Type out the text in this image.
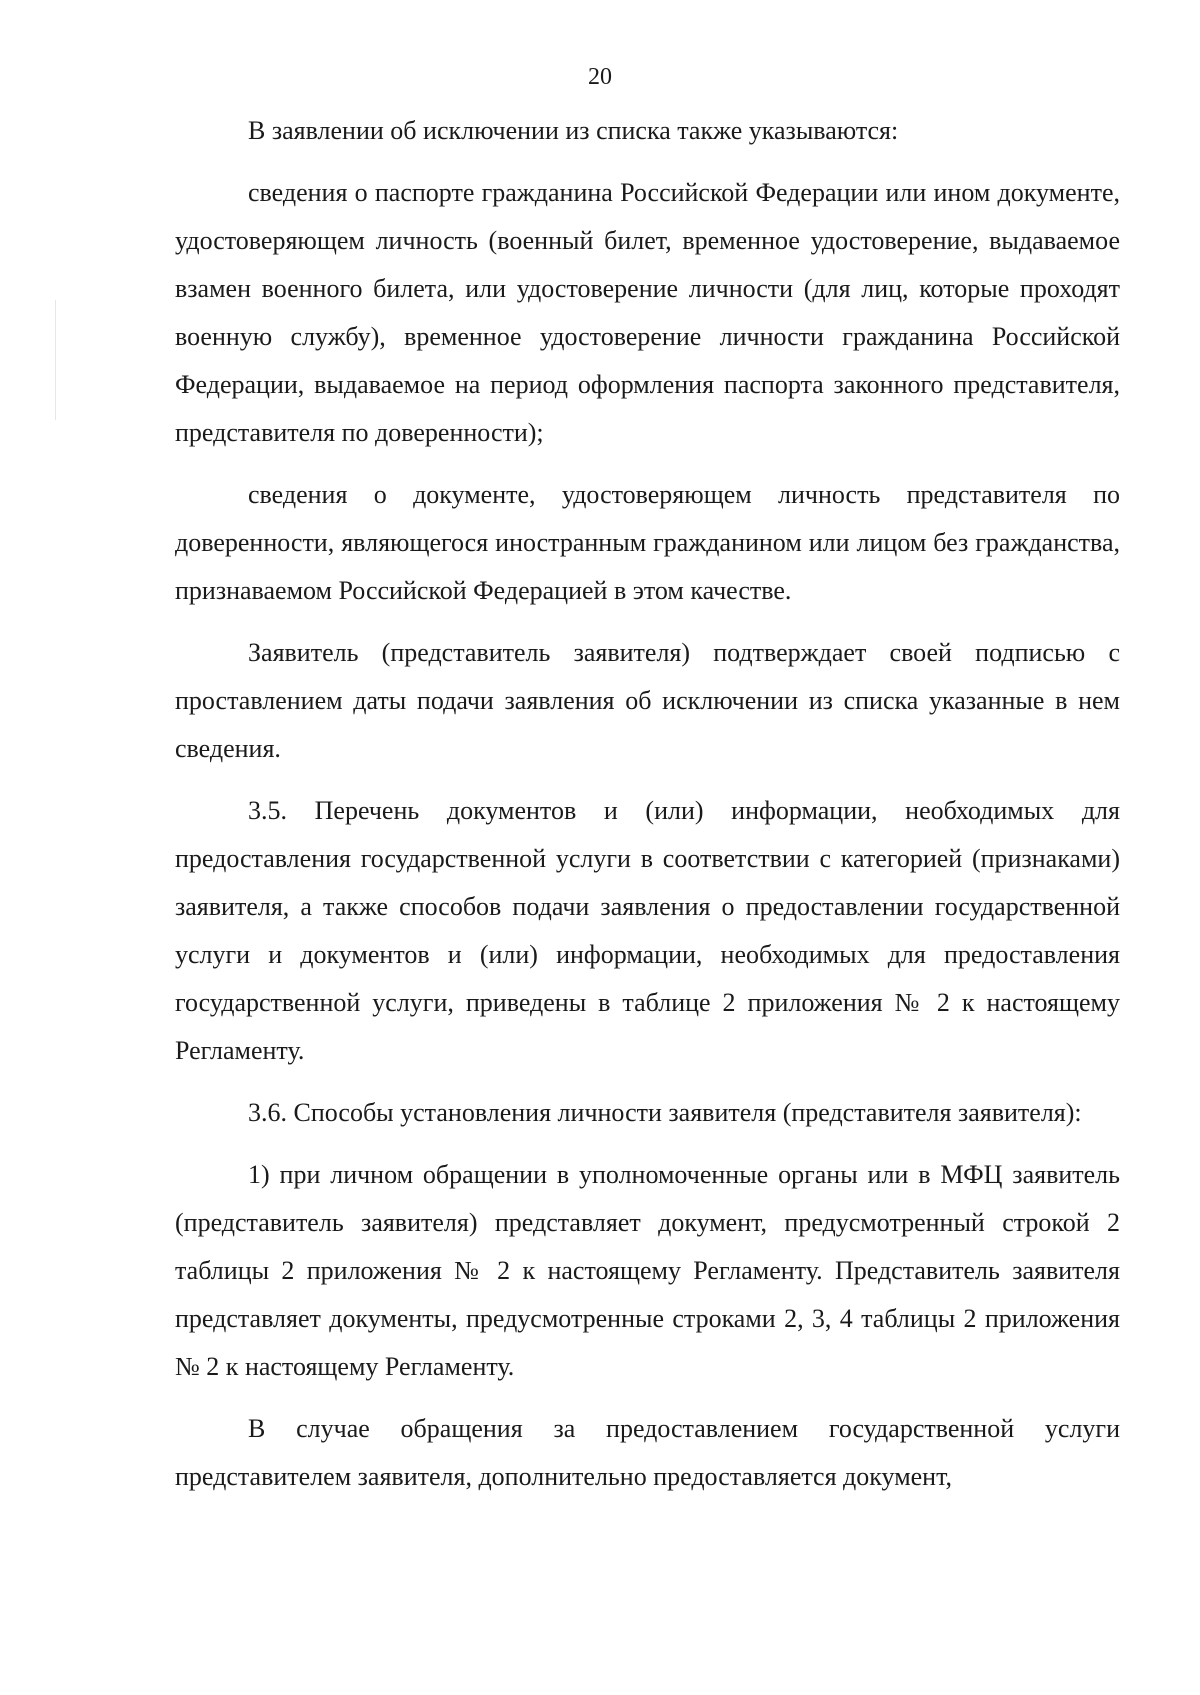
20

В заявлении об исключении из списка также указываются:

сведения о паспорте гражданина Российской Федерации или ином документе, удостоверяющем личность (военный билет, временное удостоверение, выдаваемое взамен военного билета, или удостоверение личности (для лиц, которые проходят военную службу), временное удостоверение личности гражданина Российской Федерации, выдаваемое на период оформления паспорта законного представителя, представителя по доверенности);

сведения о документе, удостоверяющем личность представителя по доверенности, являющегося иностранным гражданином или лицом без гражданства, признаваемом Российской Федерацией в этом качестве.

Заявитель (представитель заявителя) подтверждает своей подписью с проставлением даты подачи заявления об исключении из списка указанные в нем сведения.

3.5. Перечень документов и (или) информации, необходимых для предоставления государственной услуги в соответствии с категорией (признаками) заявителя, а также способов подачи заявления о предоставлении государственной услуги и документов и (или) информации, необходимых для предоставления государственной услуги, приведены в таблице 2 приложения № 2 к настоящему Регламенту.

3.6. Способы установления личности заявителя (представителя заявителя):

1) при личном обращении в уполномоченные органы или в МФЦ заявитель (представитель заявителя) представляет документ, предусмотренный строкой 2 таблицы 2 приложения № 2 к настоящему Регламенту. Представитель заявителя представляет документы, предусмотренные строками 2, 3, 4 таблицы 2 приложения № 2 к настоящему Регламенту.

В случае обращения за предоставлением государственной услуги представителем заявителя, дополнительно предоставляется документ,
